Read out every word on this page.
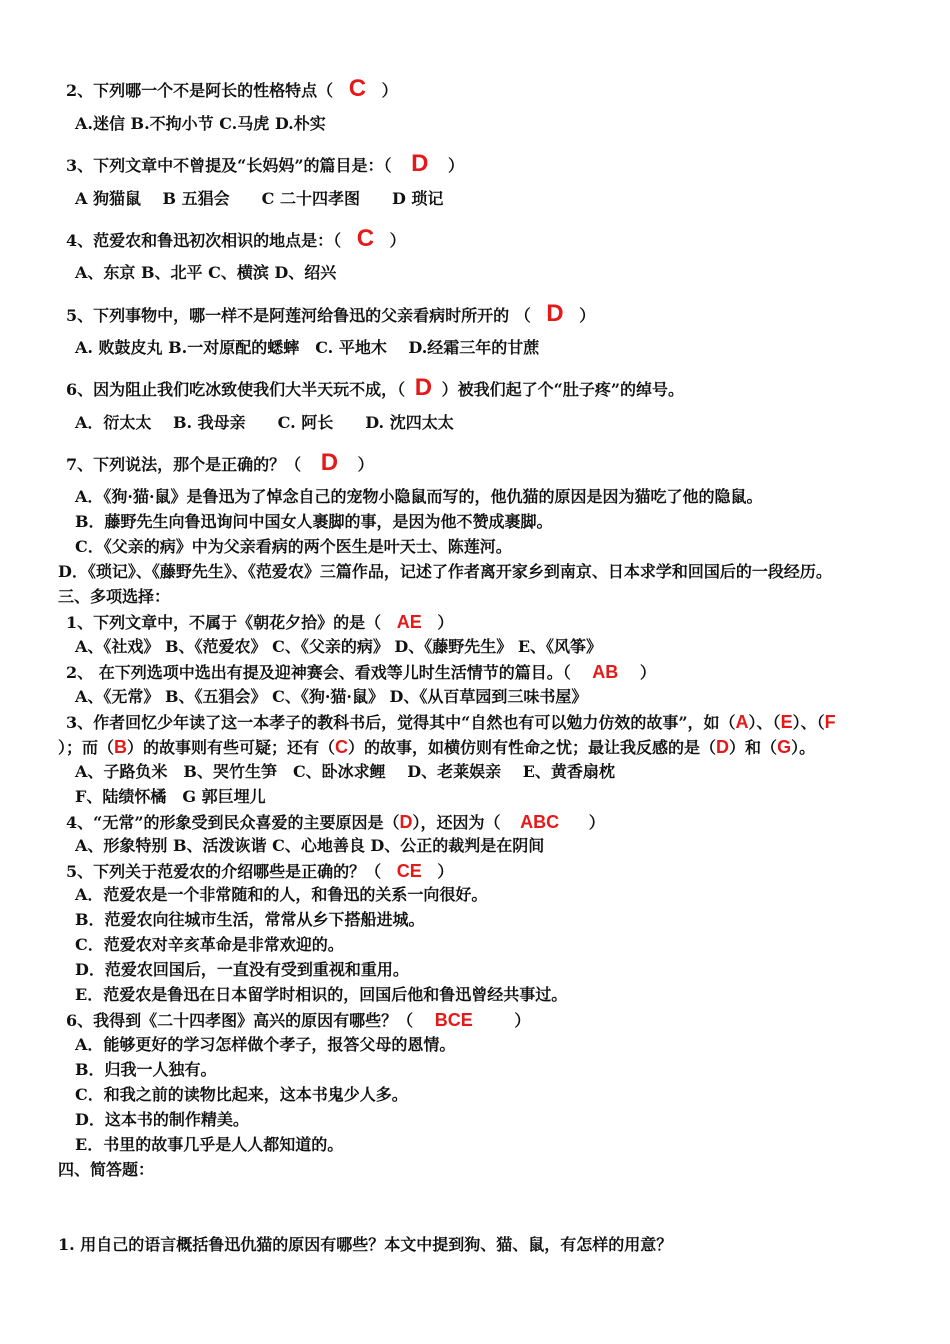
2、下列哪一个不是阿长的性格特点（ C ）
A.迷信 B.不拘小节 C.马虎 D.朴实
3、下列文章中不曾提及“长妈妈”的篇目是：（ D ）
A 狗猫鼠　 B 五猖会　　C 二十四孝图　　D 琐记
4、范爱农和鲁迅初次相识的地点是：（ C ）
A、东京 B、北平 C、横滨 D、绍兴
5、下列事物中，哪一样不是阿莲河给鲁迅的父亲看病时所开的 （ D ）
A. 败鼓皮丸 B.一对原配的蟋蟀　C. 平地木　 D.经霜三年的甘蔗
6、因为阻止我们吃冰致使我们大半天玩不成，（ D ）被我们起了个“肚子疼”的绰号。
A．衍太太　 B. 我母亲　　C. 阿长　　D. 沈四太太
7、下列说法，那个是正确的？（ D ）
A．《狗·猫·鼠》是鲁迅为了悼念自己的宠物小隐鼠而写的，他仇猫的原因是因为猫吃了他的隐鼠。
B．藤野先生向鲁迅询问中国女人裹脚的事，是因为他不赞成裹脚。
C．《父亲的病》中为父亲看病的两个医生是叶天士、陈莲河。
D．《琐记》、《藤野先生》、《范爱农》三篇作品，记述了作者离开家乡到南京、日本求学和回国后的一段经历。
三、多项选择：
1、下列文章中，不属于《朝花夕拾》的是（ AE ）
A、《社戏》 B、《范爱农》 C、《父亲的病》 D、《藤野先生》 E、《风筝》
2、 在下列选项中选出有提及迎神赛会、看戏等儿时生活情节的篇目。（ AB ）
A、《无常》 B、《五猖会》 C、《狗·猫·鼠》 D、《从百草园到三味书屋》
3、作者回忆少年读了这一本孝子的教科书后，觉得其中“自然也有可以勉力仿效的故事”，如（A）、（E）、（F
）；而（B）的故事则有些可疑；还有（C）的故事，如横仿则有性命之忧；最让我反感的是（D）和（G）。
A、子路负米　B、哭竹生笋　C、卧冰求鲤　 D、老莱娱亲　 E、黄香扇枕
F、陆绩怀橘　G 郭巨埋儿
4、“无常”的形象受到民众喜爱的主要原因是（D），还因为（ ABC ）
A、形象特别 B、活泼诙谐 C、心地善良 D、公正的裁判是在阴间
5、下列关于范爱农的介绍哪些是正确的？（ CE ）
A．范爱农是一个非常随和的人，和鲁迅的关系一向很好。
B．范爱农向往城市生活，常常从乡下搭船进城。
C．范爱农对辛亥革命是非常欢迎的。
D．范爱农回国后，一直没有受到重视和重用。
E．范爱农是鲁迅在日本留学时相识的，回国后他和鲁迅曾经共事过。
6、我得到《二十四孝图》高兴的原因有哪些？（ BCE	）
A．能够更好的学习怎样做个孝子，报答父母的恩情。
B．归我一人独有。
C．和我之前的读物比起来，这本书鬼少人多。
D．这本书的制作精美。
E．书里的故事几乎是人人都知道的。
四、简答题：
1. 用自己的语言概括鲁迅仇猫的原因有哪些？本文中提到狗、猫、鼠，有怎样的用意？
